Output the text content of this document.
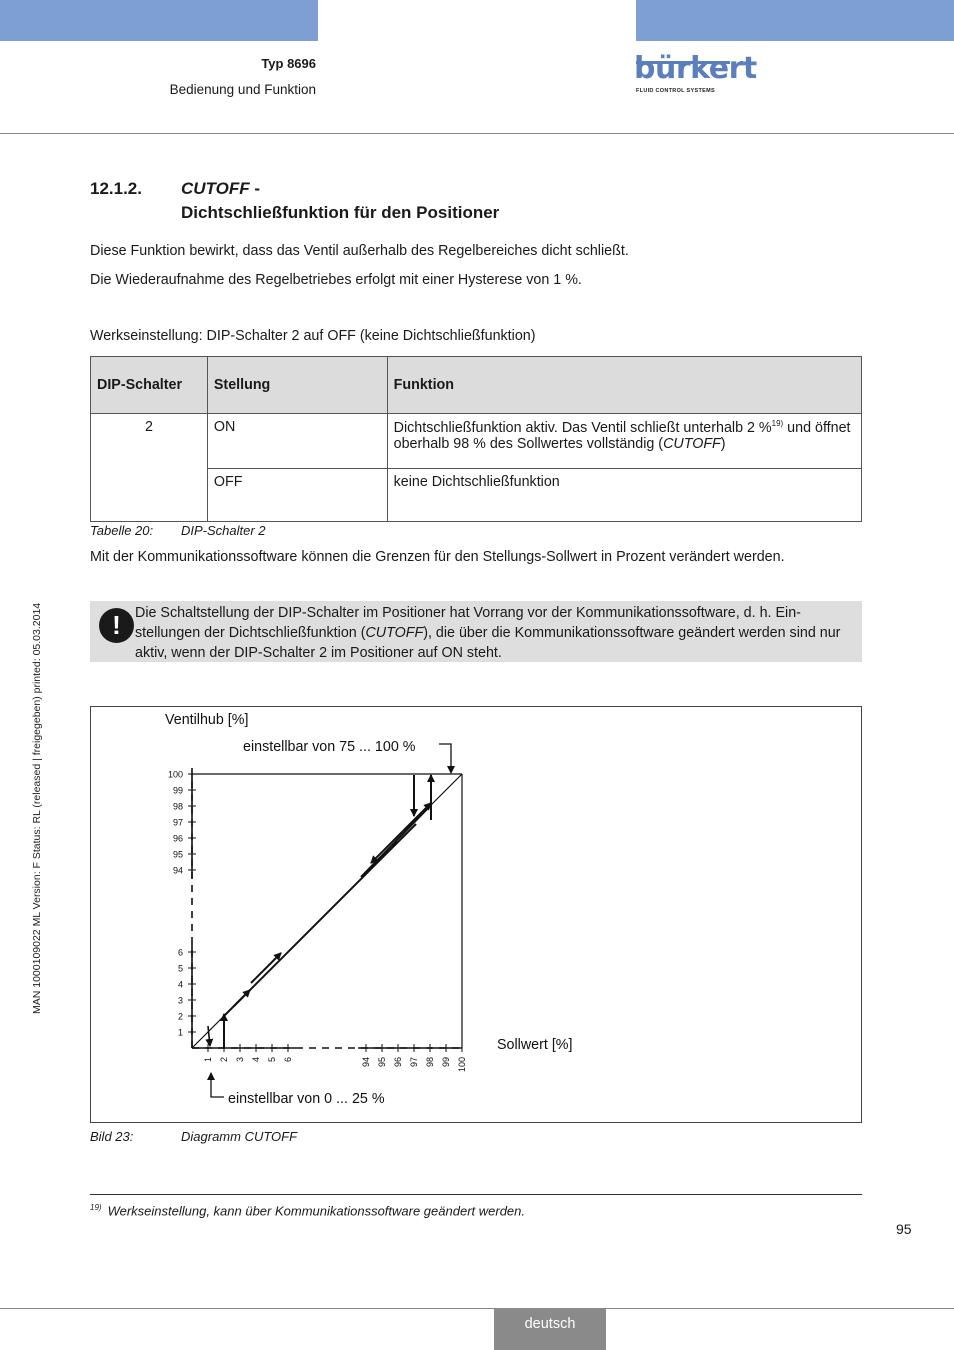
Typ 8696
Bedienung und Funktion
bürkert
FLUID CONTROL SYSTEMS
MAN 1000109022 ML Version: F Status: RL (released | freigegeben) printed: 05.03.2014
12.1.2. CUTOFF -
Dichtschließfunktion für den Positioner
Diese Funktion bewirkt, dass das Ventil außerhalb des Regelbereiches dicht schließt.
Die Wiederaufnahme des Regelbetriebes erfolgt mit einer Hysterese von 1 %.
Werkseinstellung: DIP-Schalter 2 auf OFF (keine Dichtschließfunktion)
DIP-Schalter	Stellung	Funktion
2	ON	Dichtschließfunktion aktiv. Das Ventil schließt unterhalb 2 %$^{19)}$ und öffnet oberhalb 98 % des Sollwertes vollständig (CUTOFF)
	OFF	keine Dichtschließfunktion
Tabelle 20: DIP-Schalter 2
Mit der Kommunikationssoftware können die Grenzen für den Stellungs-Sollwert in Prozent verändert werden.
! Die Schaltstellung der DIP-Schalter im Positioner hat Vorrang vor der Kommunikationssoftware, d. h. Ein-stellungen der Dichtschließfunktion (CUTOFF), die über die Kommunikationssoftware geändert werden sind nur aktiv, wenn der DIP-Schalter 2 im Positioner auf ON steht.
1
2
3
4
5
6
94
95
96
97
98
99
100
1 2 3 4 5 6	94 95 96 97 98 99 100
Ventilhub [%]
einstellbar von 75 ... 100 %
Sollwert [%]
einstellbar von 0 ... 25 %
Bild 23:	Diagramm CUTOFF
$^{19)}$ Werkseinstellung, kann über Kommunikationssoftware geändert werden.
95
deutsch
